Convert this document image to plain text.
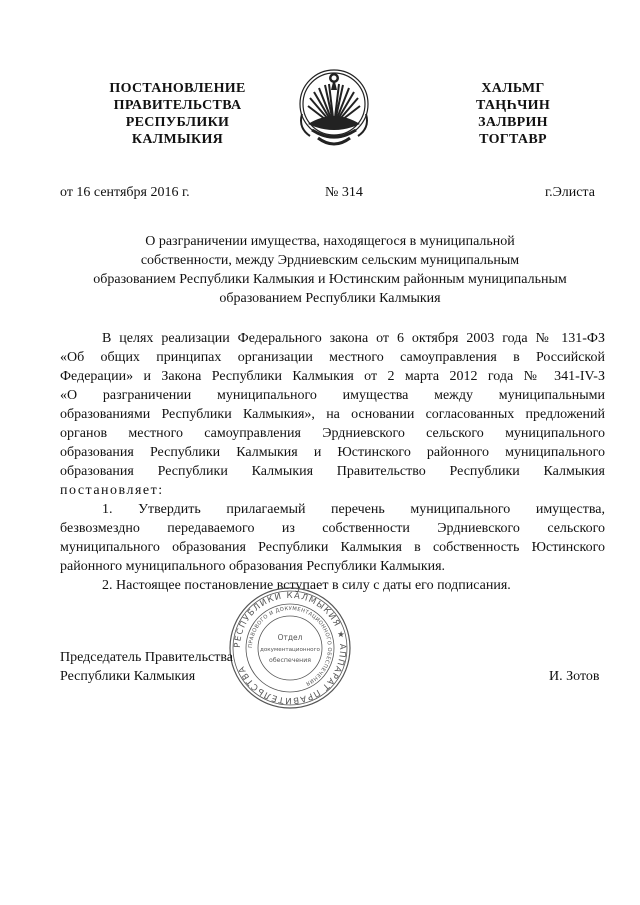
ПОСТАНОВЛЕНИЕ
ПРАВИТЕЛЬСТВА
РЕСПУБЛИКИ
КАЛМЫКИЯ
ХАЛЬМГ
ТАҢҺЧИН
ЗАЛВРИН
ТОГТАВР
от 16 сентября 2016 г.	№ 314	г.Элиста
О разграничении имущества, находящегося в муниципальной
собственности, между Эрдниевским сельским муниципальным
образованием Республики Калмыкия и Юстинским районным муниципальным
образованием Республики Калмыкия
В целях реализации Федерального закона от 6 октября 2003 года № 131-ФЗ
«Об общих принципах организации местного самоуправления в Российской
Федерации» и Закона Республики Калмыкия от 2 марта 2012 года № 341-IV-З
«О разграничении муниципального имущества между муниципальными
образованиями Республики Калмыкия», на основании согласованных предложений
органов местного самоуправления Эрдниевского сельского муниципального
образования Республики Калмыкия и Юстинского районного муниципального
образования Республики Калмыкия Правительство Республики Калмыкия
постановляет:
1. Утвердить прилагаемый перечень муниципального имущества,
безвозмездно передаваемого из собственности Эрдниевского сельского
муниципального образования Республики Калмыкия в собственность Юстинского
районного муниципального образования Республики Калмыкия.
2. Настоящее постановление вступает в силу с даты его подписания.
РЕСПУБЛИКИ КАЛМЫКИЯ ★ АППАРАТ ПРАВИТЕЛЬСТВА
ПРАВОВОГО И ДОКУМЕНТАЦИОННОГО ОБЕСПЕЧЕНИЯ
Отдел
документационного
обеспечения
Председатель Правительства
Республики Калмыкия	И. Зотов
